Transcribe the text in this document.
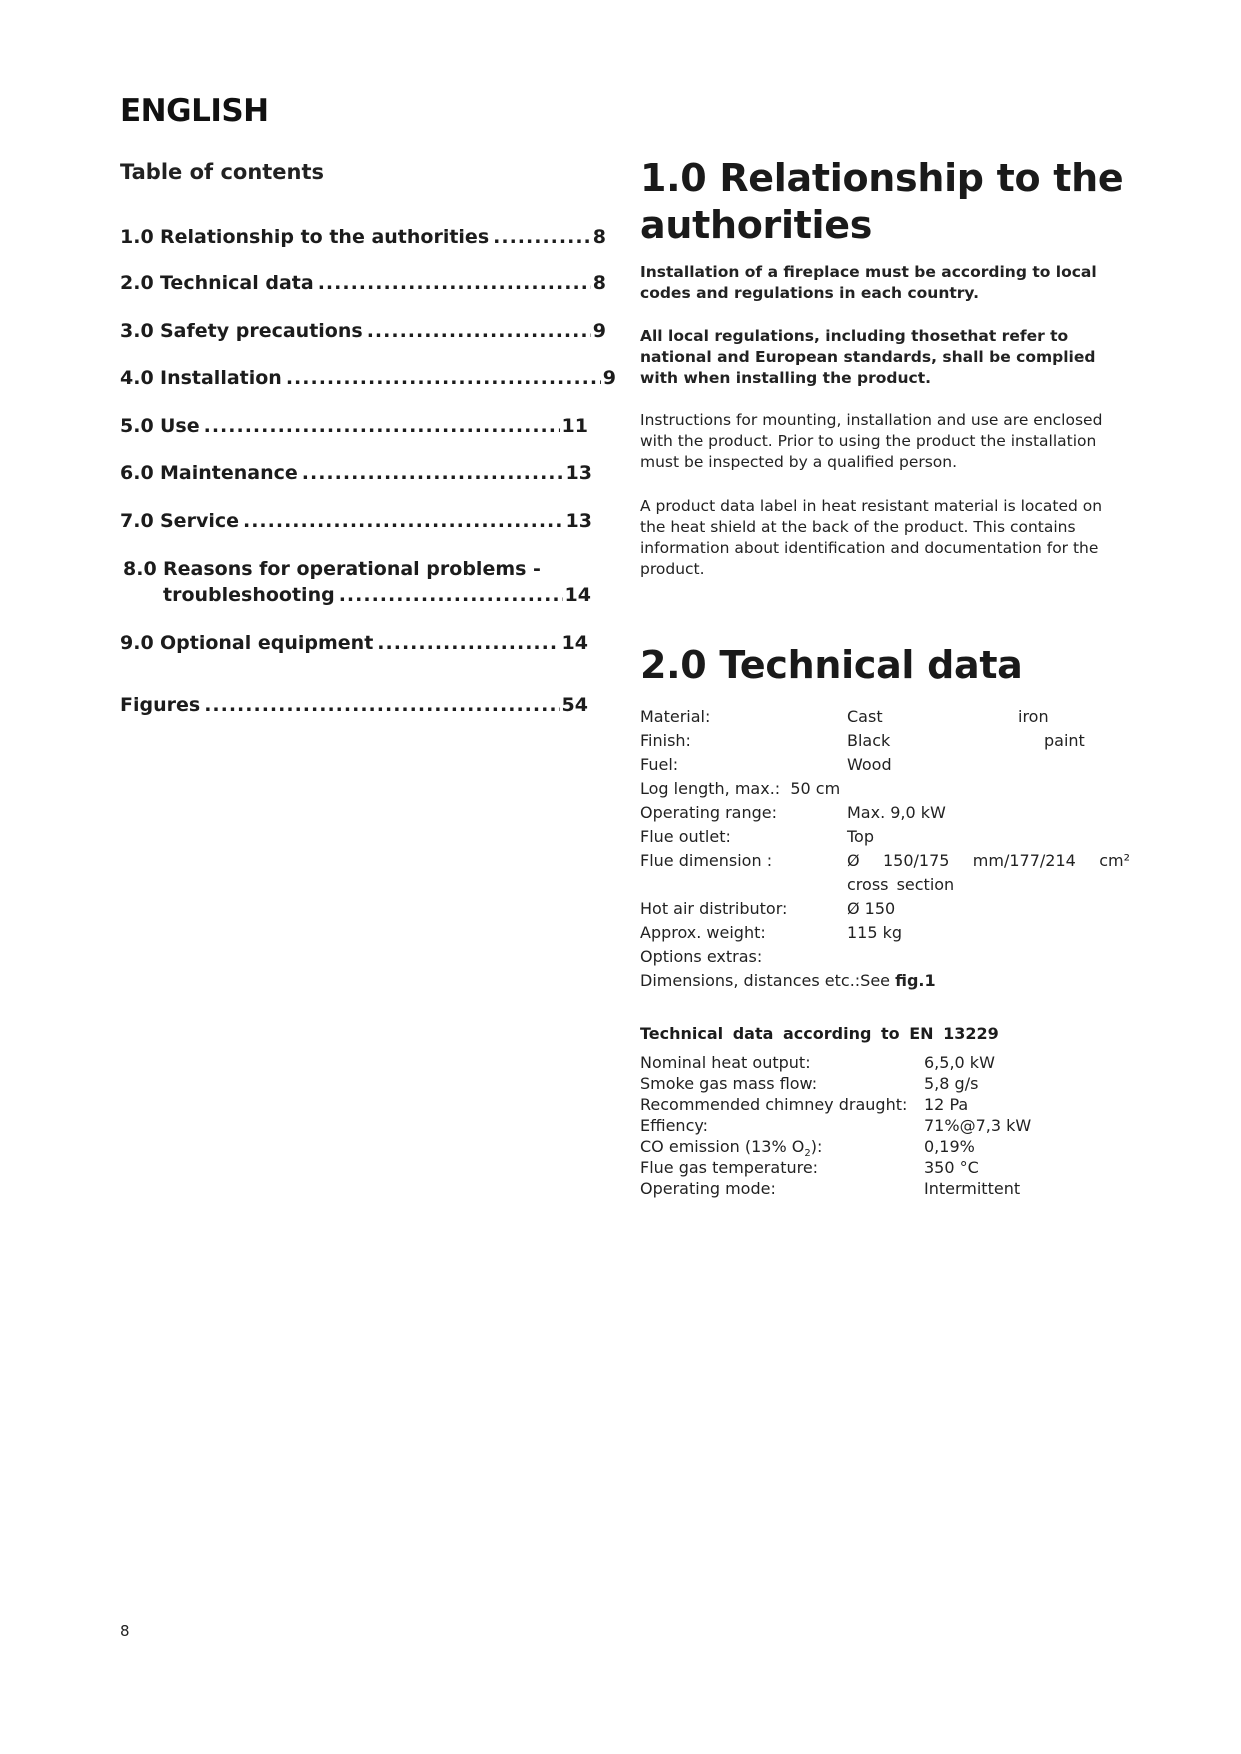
ENGLISH
Table of contents
1.0 Relationship to the authorities .....	8
2.0 Technical data .....	8
3.0 Safety precautions .....	9
4.0 Installation .....	9
5.0 Use .....	11
6.0 Maintenance .....	13
7.0 Service .....	13
8.0 Reasons for operational problems -
troubleshooting .....	14
9.0 Optional equipment .....	14
Figures .....	54
1.0 Relationship to the
authorities

Installation of a fireplace must be according to local codes and regulations in each country.

All local regulations, including thosethat refer to national and European standards, shall be complied with when installing the product.

Instructions for mounting, installation and use are enclosed with the product. Prior to using the product the installation must be inspected by a qualified person.

A product data label in heat resistant material is located on the heat shield at the back of the product. This contains information about identification and documentation for the product.

2.0 Technical data
Material:	Cast	iron
Finish:	Black	paint
Fuel:	Wood
Log length, max.: 50 cm
Operating range:	Max. 9,0 kW
Flue outlet:	Top
Flue dimension :	Ø 150/175 mm/177/214 cm² cross section
Hot air distributor:	Ø 150
Approx. weight:	115 kg
Options extras:
Dimensions, distances etc.:See fig.1
Technical data according to EN 13229
Nominal heat output:	6,5,0 kW
Smoke gas mass flow:	5,8 g/s
Recommended chimney draught: 12 Pa
Effiency:	71%@7,3 kW
CO emission (13% $O_2$):	0,19%
Flue gas temperature:	350 °C
Operating mode:	Intermittent
8
